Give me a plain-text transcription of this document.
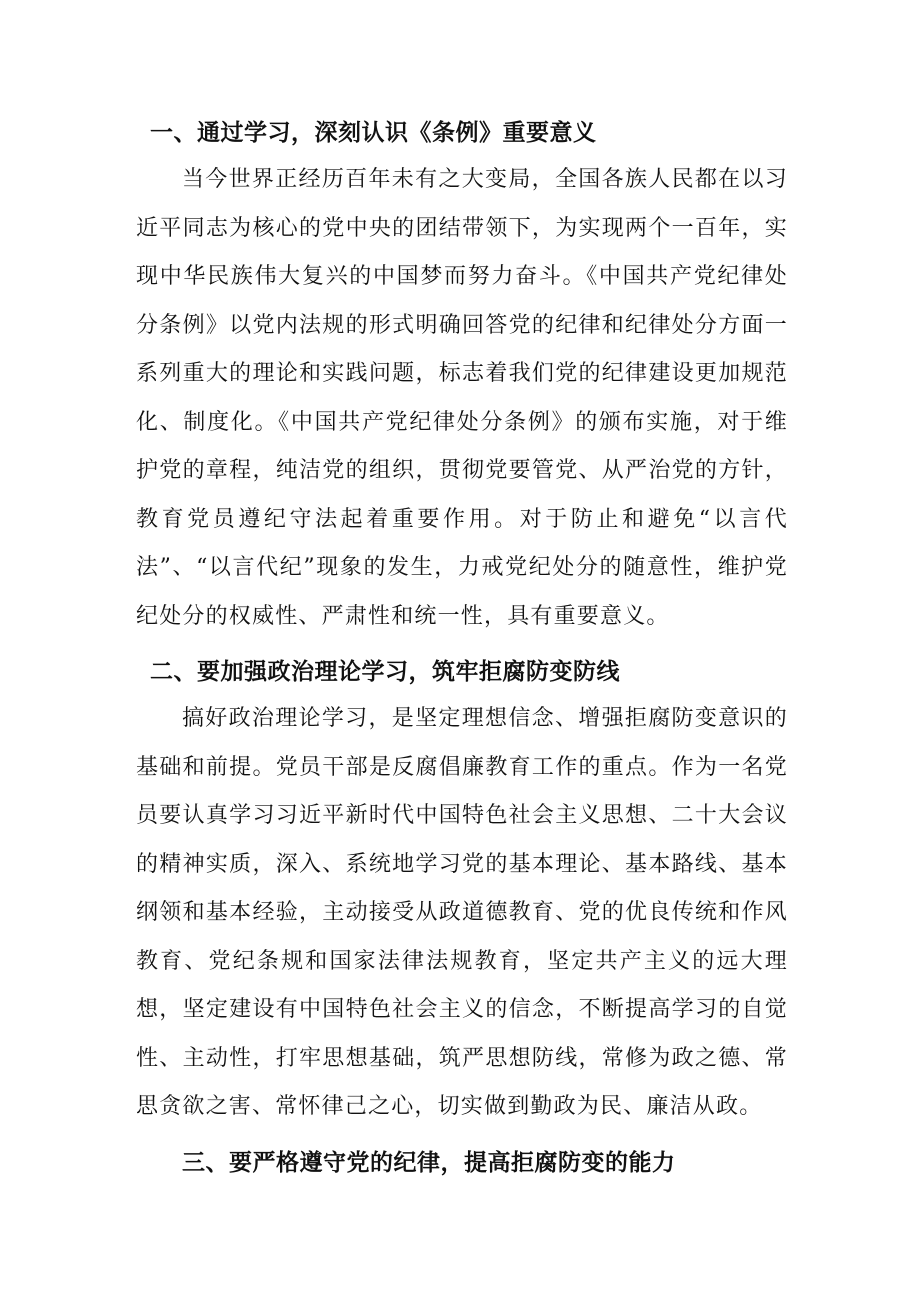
一、通过学习，深刻认识《条例》重要意义

当今世界正经历百年未有之大变局，全国各族人民都在以习近平同志为核心的党中央的团结带领下，为实现两个一百年，实现中华民族伟大复兴的中国梦而努力奋斗。《中国共产党纪律处分条例》以党内法规的形式明确回答党的纪律和纪律处分方面一系列重大的理论和实践问题，标志着我们党的纪律建设更加规范化、制度化。《中国共产党纪律处分条例》的颁布实施，对于维护党的章程，纯洁党的组织，贯彻党要管党、从严治党的方针，教育党员遵纪守法起着重要作用。对于防止和避免“以言代法”、“以言代纪”现象的发生，力戒党纪处分的随意性，维护党纪处分的权威性、严肃性和统一性，具有重要意义。

二、要加强政治理论学习，筑牢拒腐防变防线

搞好政治理论学习，是坚定理想信念、增强拒腐防变意识的基础和前提。党员干部是反腐倡廉教育工作的重点。作为一名党员要认真学习习近平新时代中国特色社会主义思想、二十大会议的精神实质，深入、系统地学习党的基本理论、基本路线、基本纲领和基本经验，主动接受从政道德教育、党的优良传统和作风教育、党纪条规和国家法律法规教育，坚定共产主义的远大理想，坚定建设有中国特色社会主义的信念，不断提高学习的自觉性、主动性，打牢思想基础，筑严思想防线，常修为政之德、常思贪欲之害、常怀律己之心，切实做到勤政为民、廉洁从政。

三、要严格遵守党的纪律，提高拒腐防变的能力
